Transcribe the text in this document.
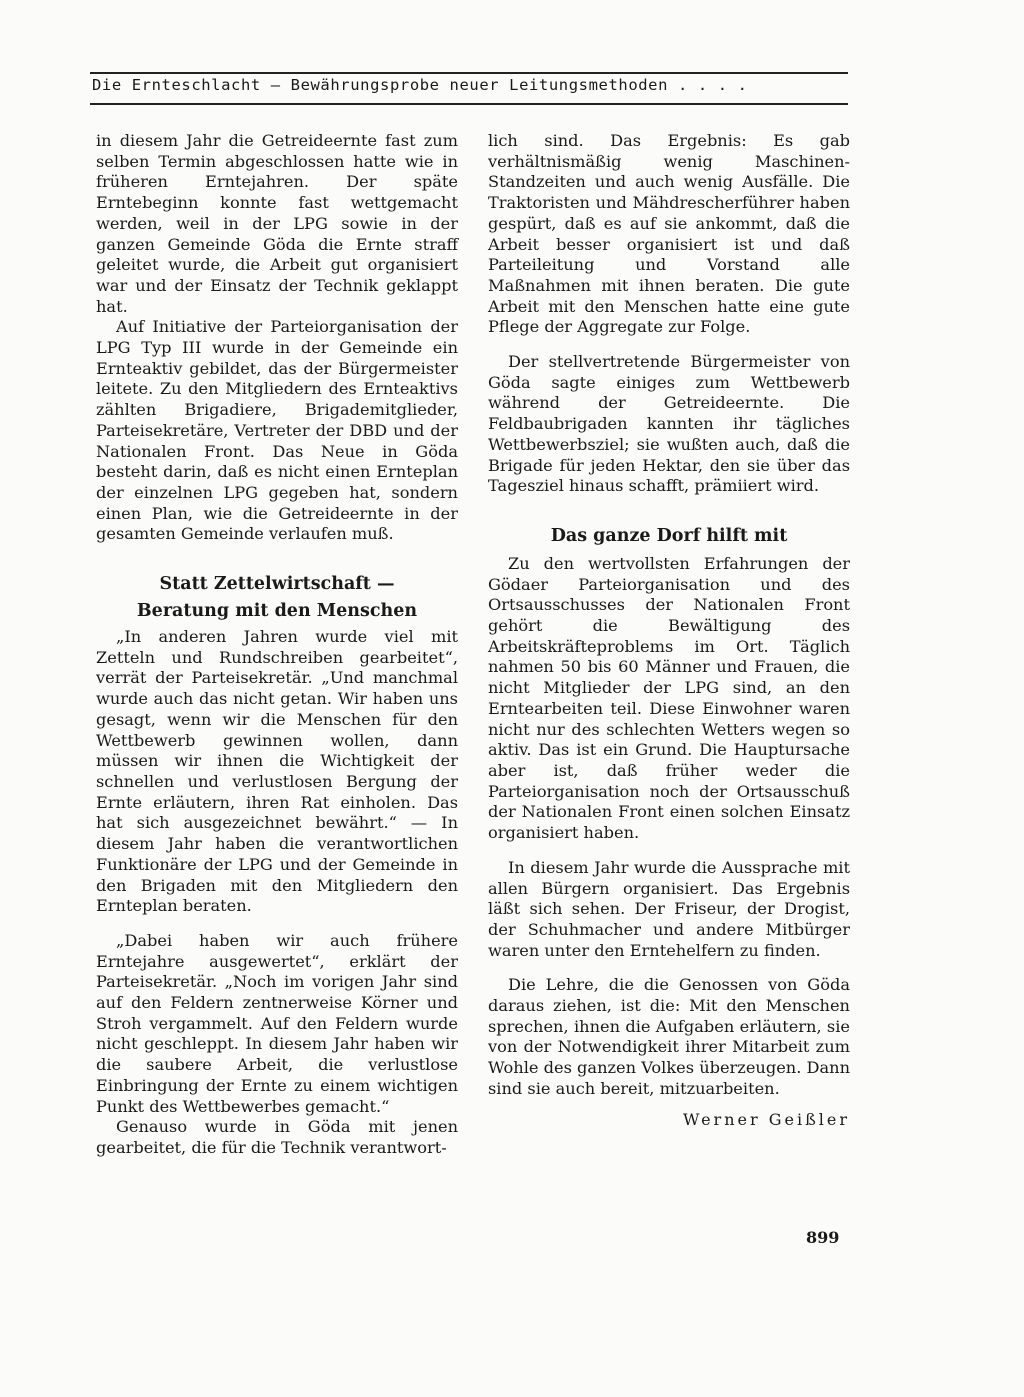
Die Ernteschlacht – Bewährungsprobe neuer Leitungsmethoden . . . .

in diesem Jahr die Getreideernte fast zum selben Termin abgeschlossen hatte wie in früheren Erntejahren. Der späte Erntebeginn konnte fast wettgemacht werden, weil in der LPG sowie in der ganzen Gemeinde Göda die Ernte straff geleitet wurde, die Arbeit gut organisiert war und der Einsatz der Technik geklappt hat.

Auf Initiative der Parteiorganisation der LPG Typ III wurde in der Gemeinde ein Ernteaktiv gebildet, das der Bürgermeister leitete. Zu den Mitgliedern des Ernteaktivs zählten Brigadiere, Brigademitglieder, Parteisekretäre, Vertreter der DBD und der Nationalen Front. Das Neue in Göda besteht darin, daß es nicht einen Ernteplan der einzelnen LPG gegeben hat, sondern einen Plan, wie die Getreideernte in der gesamten Gemeinde verlaufen muß.

Statt Zettelwirtschaft —
Beratung mit den Menschen

„In anderen Jahren wurde viel mit Zetteln und Rundschreiben gearbeitet“, verrät der Parteisekretär. „Und manchmal wurde auch das nicht getan. Wir haben uns gesagt, wenn wir die Menschen für den Wettbewerb gewinnen wollen, dann müssen wir ihnen die Wichtigkeit der schnellen und verlustlosen Bergung der Ernte erläutern, ihren Rat einholen. Das hat sich ausgezeichnet bewährt.“ — In diesem Jahr haben die verantwortlichen Funktionäre der LPG und der Gemeinde in den Brigaden mit den Mitgliedern den Ernteplan beraten.

„Dabei haben wir auch frühere Erntejahre ausgewertet“, erklärt der Parteisekretär. „Noch im vorigen Jahr sind auf den Feldern zentnerweise Körner und Stroh vergammelt. Auf den Feldern wurde nicht geschleppt. In diesem Jahr haben wir die saubere Arbeit, die verlustlose Einbringung der Ernte zu einem wichtigen Punkt des Wettbewerbes gemacht.“

Genauso wurde in Göda mit jenen gearbeitet, die für die Technik verantwort-

lich sind. Das Ergebnis: Es gab verhältnismäßig wenig Maschinen-Standzeiten und auch wenig Ausfälle. Die Traktoristen und Mähdrescherführer haben gespürt, daß es auf sie ankommt, daß die Arbeit besser organisiert ist und daß Parteileitung und Vorstand alle Maßnahmen mit ihnen beraten. Die gute Arbeit mit den Menschen hatte eine gute Pflege der Aggregate zur Folge.

Der stellvertretende Bürgermeister von Göda sagte einiges zum Wettbewerb während der Getreideernte. Die Feldbaubrigaden kannten ihr tägliches Wettbewerbsziel; sie wußten auch, daß die Brigade für jeden Hektar, den sie über das Tagesziel hinaus schafft, prämiiert wird.

Das ganze Dorf hilft mit

Zu den wertvollsten Erfahrungen der Gödaer Parteiorganisation und des Ortsausschusses der Nationalen Front gehört die Bewältigung des Arbeitskräfteproblems im Ort. Täglich nahmen 50 bis 60 Männer und Frauen, die nicht Mitglieder der LPG sind, an den Erntearbeiten teil. Diese Einwohner waren nicht nur des schlechten Wetters wegen so aktiv. Das ist ein Grund. Die Hauptursache aber ist, daß früher weder die Parteiorganisation noch der Ortsausschuß der Nationalen Front einen solchen Einsatz organisiert haben.

In diesem Jahr wurde die Aussprache mit allen Bürgern organisiert. Das Ergebnis läßt sich sehen. Der Friseur, der Drogist, der Schuhmacher und andere Mitbürger waren unter den Erntehelfern zu finden.

Die Lehre, die die Genossen von Göda daraus ziehen, ist die: Mit den Menschen sprechen, ihnen die Aufgaben erläutern, sie von der Notwendigkeit ihrer Mitarbeit zum Wohle des ganzen Volkes überzeugen. Dann sind sie auch bereit, mitzuarbeiten.

Werner Geißler
899
